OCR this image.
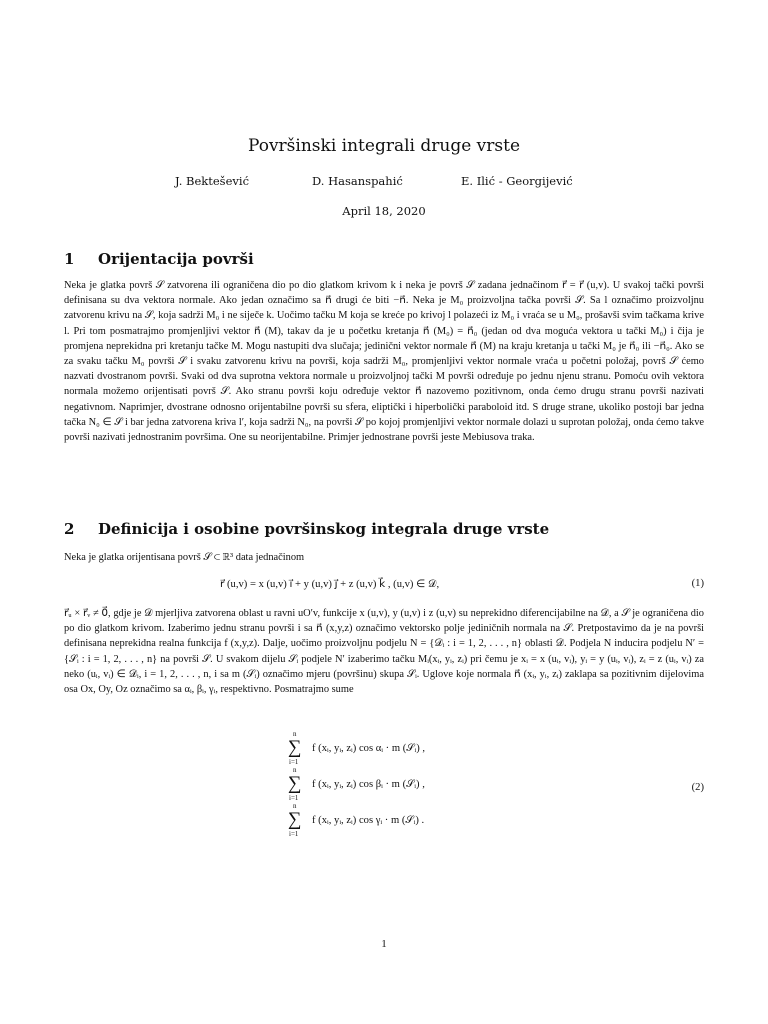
Površinski integrali druge vrste
J. Bektešević	D. Hasanspahić	E. Ilić - Georgijević
April 18, 2020
1 Orijentacija površi

Neka je glatka površ 𝒮 zatvorena ili ograničena dio po dio glatkom krivom k i neka je površ 𝒮 zadana jednačinom r⃗ = r⃗ (u,v). U svakoj tački površi definisana su dva vektora normale. Ako jedan označimo sa n⃗ drugi će biti −n⃗. Neka je M₀ proizvoljna tačka površi 𝒮. Sa l označimo proizvoljnu zatvorenu krivu na 𝒮, koja sadrži M₀ i ne siječe k. Uočimo tačku M koja se kreće po krivoj l polazeći iz M₀ i vraća se u M₀, prošavši svim tačkama krive l. Pri tom posmatrajmo promjenljivi vektor n⃗ (M), takav da je u početku kretanja n⃗ (M₀) = n⃗₀ (jedan od dva moguća vektora u tački M₀) i čija je promjena neprekidna pri kretanju tačke M. Mogu nastupiti dva slučaja; jedinični vektor normale n⃗ (M) na kraju kretanja u tački M₀ je n⃗₀ ili −n⃗₀. Ako se za svaku tačku M₀ površi 𝒮 i svaku zatvorenu krivu na površi, koja sadrži M₀, promjenljivi vektor normale vraća u početni položaj, površ 𝒮 ćemo nazvati dvostranom površi. Svaki od dva suprotna vektora normale u proizvoljnoj tački M površi određuje po jednu njenu stranu. Pomoću ovih vektora normala možemo orijentisati površ 𝒮. Ako stranu površi koju određuje vektor n⃗ nazovemo pozitivnom, onda ćemo drugu stranu površi nazivati negativnom. Naprimjer, dvostrane odnosno orijentabilne površi su sfera, eliptički i hiperbolički paraboloid itd. S druge strane, ukoliko postoji bar jedna tačka N₀ ∈ 𝒮 i bar jedna zatvorena kriva l′, koja sadrži N₀, na površi 𝒮 po kojoj promjenljivi vektor normale dolazi u suprotan položaj, onda ćemo takve površi nazivati jednostranim površima. One su neorijentabilne. Primjer jednostrane površi jeste Mebiusova traka.

2 Definicija i osobine površinskog integrala druge vrste

Neka je glatka orijentisana površ 𝒮 ⊂ ℝ³ data jednačinom

r⃗ (u,v) = x (u,v) i⃗ + y (u,v) j⃗ + z (u,v) k⃗ , (u,v) ∈ 𝒟,	(1)

r⃗ᵤ × r⃗ᵥ ≠ 0⃗, gdje je 𝒟 mjerljiva zatvorena oblast u ravni uO′v, funkcije x (u,v), y (u,v) i z (u,v) su neprekidno diferencijabilne na 𝒟, a 𝒮 je ograničena dio po dio glatkom krivom. Izaberimo jednu stranu površi i sa n⃗ (x,y,z) označimo vektorsko polje jediničnih normala na 𝒮. Pretpostavimo da je na površi definisana neprekidna realna funkcija f (x,y,z). Dalje, uočimo proizvoljnu podjelu N = {𝒟ᵢ : i = 1, 2, . . . , n} oblasti 𝒟. Podjela N inducira podjelu N′ = {𝒮ᵢ : i = 1, 2, . . . , n} na površi 𝒮. U svakom dijelu 𝒮ᵢ podjele N′ izaberimo tačku Mᵢ(xᵢ, yᵢ, zᵢ) pri čemu je xᵢ = x (uᵢ, vᵢ), yᵢ = y (uᵢ, vᵢ), zᵢ = z (uᵢ, vᵢ) za neko (uᵢ, vᵢ) ∈ 𝒟ᵢ, i = 1, 2, . . . , n, i sa m (𝒮ᵢ) označimo mjeru (površinu) skupa 𝒮ᵢ. Uglove koje normala n⃗ (xᵢ, yᵢ, zᵢ) zaklapa sa pozitivnim dijelovima osa Ox, Oy, Oz označimo sa αᵢ, βᵢ, γᵢ, respektivno. Posmatrajmo sume

∑
n
i=1
f (xᵢ, yᵢ, zᵢ) cos αᵢ · m (𝒮ᵢ) ,
∑
n
i=1
f (xᵢ, yᵢ, zᵢ) cos βᵢ · m (𝒮ᵢ) ,
∑
n
i=1
f (xᵢ, yᵢ, zᵢ) cos γᵢ · m (𝒮ᵢ) .
(2)
1
